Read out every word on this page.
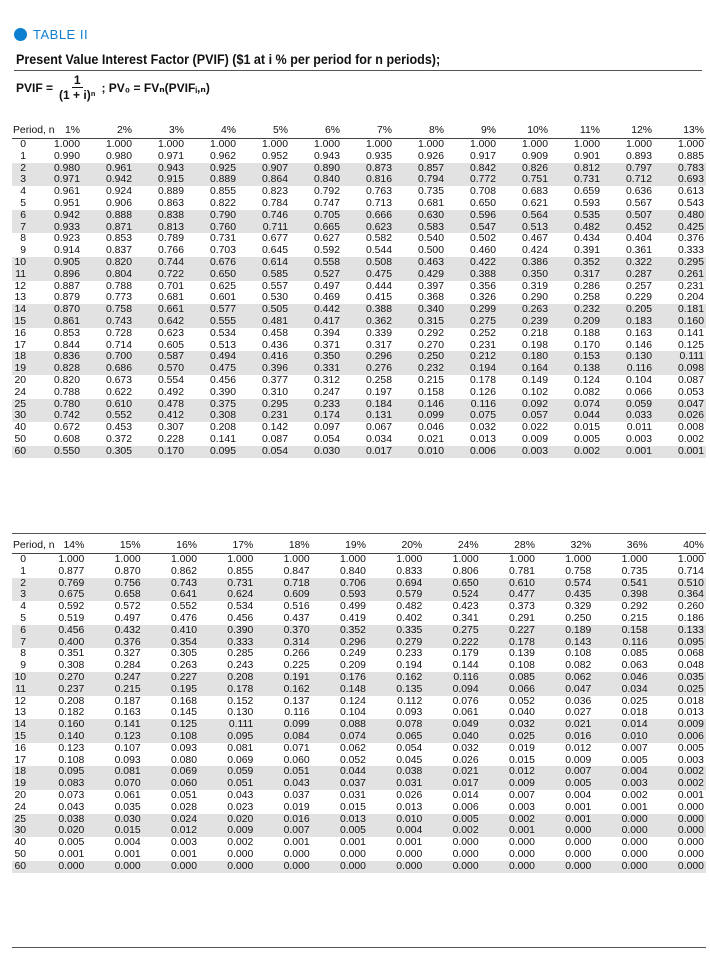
TABLE II
Present Value Interest Factor (PVIF) ($1 at i % per period for n periods);
PVIF = $\frac{1}{\text{(1 + i)ⁿ}}$ ; PV₀ = FVₙ(PVIFᵢ,ₙ)
Period, n 1%	2%	3%	4%	5%	6%	7%	8%	9%	10%	11%	12%	13%
0	1.000	1.000	1.000	1.000	1.000	1.000	1.000	1.000	1.000	1.000	1.000	1.000	1.000
1	0.990	0.980	0.971	0.962	0.952	0.943	0.935	0.926	0.917	0.909	0.901	0.893	0.885
2	0.980	0.961	0.943	0.925	0.907	0.890	0.873	0.857	0.842	0.826	0.812	0.797	0.783
3	0.971	0.942	0.915	0.889	0.864	0.840	0.816	0.794	0.772	0.751	0.731	0.712	0.693
4	0.961	0.924	0.889	0.855	0.823	0.792	0.763	0.735	0.708	0.683	0.659	0.636	0.613
5	0.951	0.906	0.863	0.822	0.784	0.747	0.713	0.681	0.650	0.621	0.593	0.567	0.543
6	0.942	0.888	0.838	0.790	0.746	0.705	0.666	0.630	0.596	0.564	0.535	0.507	0.480
7	0.933	0.871	0.813	0.760	0.711	0.665	0.623	0.583	0.547	0.513	0.482	0.452	0.425
8	0.923	0.853	0.789	0.731	0.677	0.627	0.582	0.540	0.502	0.467	0.434	0.404	0.376
9	0.914	0.837	0.766	0.703	0.645	0.592	0.544	0.500	0.460	0.424	0.391	0.361	0.333
10	0.905	0.820	0.744	0.676	0.614	0.558	0.508	0.463	0.422	0.386	0.352	0.322	0.295
11	0.896	0.804	0.722	0.650	0.585	0.527	0.475	0.429	0.388	0.350	0.317	0.287	0.261
12	0.887	0.788	0.701	0.625	0.557	0.497	0.444	0.397	0.356	0.319	0.286	0.257	0.231
13	0.879	0.773	0.681	0.601	0.530	0.469	0.415	0.368	0.326	0.290	0.258	0.229	0.204
14	0.870	0.758	0.661	0.577	0.505	0.442	0.388	0.340	0.299	0.263	0.232	0.205	0.181
15	0.861	0.743	0.642	0.555	0.481	0.417	0.362	0.315	0.275	0.239	0.209	0.183	0.160
16	0.853	0.728	0.623	0.534	0.458	0.394	0.339	0.292	0.252	0.218	0.188	0.163	0.141
17	0.844	0.714	0.605	0.513	0.436	0.371	0.317	0.270	0.231	0.198	0.170	0.146	0.125
18	0.836	0.700	0.587	0.494	0.416	0.350	0.296	0.250	0.212	0.180	0.153	0.130	0.111
19	0.828	0.686	0.570	0.475	0.396	0.331	0.276	0.232	0.194	0.164	0.138	0.116	0.098
20	0.820	0.673	0.554	0.456	0.377	0.312	0.258	0.215	0.178	0.149	0.124	0.104	0.087
24	0.788	0.622	0.492	0.390	0.310	0.247	0.197	0.158	0.126	0.102	0.082	0.066	0.053
25	0.780	0.610	0.478	0.375	0.295	0.233	0.184	0.146	0.116	0.092	0.074	0.059	0.047
30	0.742	0.552	0.412	0.308	0.231	0.174	0.131	0.099	0.075	0.057	0.044	0.033	0.026
40	0.672	0.453	0.307	0.208	0.142	0.097	0.067	0.046	0.032	0.022	0.015	0.011	0.008
50	0.608	0.372	0.228	0.141	0.087	0.054	0.034	0.021	0.013	0.009	0.005	0.003	0.002
60	0.550	0.305	0.170	0.095	0.054	0.030	0.017	0.010	0.006	0.003	0.002	0.001	0.001
Period, n 14%	15%	16%	17%	18%	19%	20%	24%	28%	32%	36%	40%
0	1.000	1.000	1.000	1.000	1.000	1.000	1.000	1.000	1.000	1.000	1.000	1.000
1	0.877	0.870	0.862	0.855	0.847	0.840	0.833	0.806	0.781	0.758	0.735	0.714
2	0.769	0.756	0.743	0.731	0.718	0.706	0.694	0.650	0.610	0.574	0.541	0.510
3	0.675	0.658	0.641	0.624	0.609	0.593	0.579	0.524	0.477	0.435	0.398	0.364
4	0.592	0.572	0.552	0.534	0.516	0.499	0.482	0.423	0.373	0.329	0.292	0.260
5	0.519	0.497	0.476	0.456	0.437	0.419	0.402	0.341	0.291	0.250	0.215	0.186
6	0.456	0.432	0.410	0.390	0.370	0.352	0.335	0.275	0.227	0.189	0.158	0.133
7	0.400	0.376	0.354	0.333	0.314	0.296	0.279	0.222	0.178	0.143	0.116	0.095
8	0.351	0.327	0.305	0.285	0.266	0.249	0.233	0.179	0.139	0.108	0.085	0.068
9	0.308	0.284	0.263	0.243	0.225	0.209	0.194	0.144	0.108	0.082	0.063	0.048
10	0.270	0.247	0.227	0.208	0.191	0.176	0.162	0.116	0.085	0.062	0.046	0.035
11	0.237	0.215	0.195	0.178	0.162	0.148	0.135	0.094	0.066	0.047	0.034	0.025
12	0.208	0.187	0.168	0.152	0.137	0.124	0.112	0.076	0.052	0.036	0.025	0.018
13	0.182	0.163	0.145	0.130	0.116	0.104	0.093	0.061	0.040	0.027	0.018	0.013
14	0.160	0.141	0.125	0.111	0.099	0.088	0.078	0.049	0.032	0.021	0.014	0.009
15	0.140	0.123	0.108	0.095	0.084	0.074	0.065	0.040	0.025	0.016	0.010	0.006
16	0.123	0.107	0.093	0.081	0.071	0.062	0.054	0.032	0.019	0.012	0.007	0.005
17	0.108	0.093	0.080	0.069	0.060	0.052	0.045	0.026	0.015	0.009	0.005	0.003
18	0.095	0.081	0.069	0.059	0.051	0.044	0.038	0.021	0.012	0.007	0.004	0.002
19	0.083	0.070	0.060	0.051	0.043	0.037	0.031	0.017	0.009	0.005	0.003	0.002
20	0.073	0.061	0.051	0.043	0.037	0.031	0.026	0.014	0.007	0.004	0.002	0.001
24	0.043	0.035	0.028	0.023	0.019	0.015	0.013	0.006	0.003	0.001	0.001	0.000
25	0.038	0.030	0.024	0.020	0.016	0.013	0.010	0.005	0.002	0.001	0.000	0.000
30	0.020	0.015	0.012	0.009	0.007	0.005	0.004	0.002	0.001	0.000	0.000	0.000
40	0.005	0.004	0.003	0.002	0.001	0.001	0.001	0.000	0.000	0.000	0.000	0.000
50	0.001	0.001	0.001	0.000	0.000	0.000	0.000	0.000	0.000	0.000	0.000	0.000
60	0.000	0.000	0.000	0.000	0.000	0.000	0.000	0.000	0.000	0.000	0.000	0.000
